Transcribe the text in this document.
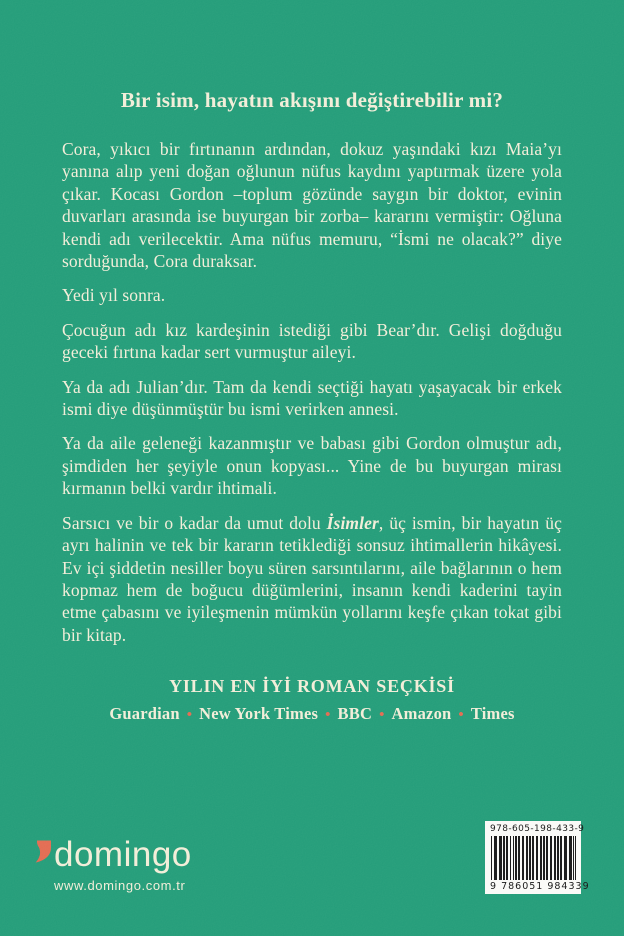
Bir isim, hayatın akışını değiştirebilir mi?

Cora, yıkıcı bir fırtınanın ardından, dokuz yaşındaki kızı Maia’yı yanına alıp yeni doğan oğlunun nüfus kaydını yaptırmak üzere yola çıkar. Kocası Gordon –toplum gözünde saygın bir doktor, evinin duvarları arasında ise buyurgan bir zorba– kararını vermiştir: Oğluna kendi adı verilecektir. Ama nüfus memuru, “İsmi ne olacak?” diye sorduğunda, Cora duraksar.

Yedi yıl sonra.

Çocuğun adı kız kardeşinin istediği gibi Bear’dır. Gelişi doğduğu geceki fırtına kadar sert vurmuştur aileyi.

Ya da adı Julian’dır. Tam da kendi seçtiği hayatı yaşayacak bir erkek ismi diye düşünmüştür bu ismi verirken annesi.

Ya da aile geleneği kazanmıştır ve babası gibi Gordon olmuştur adı, şimdiden her şeyiyle onun kopyası... Yine de bu buyurgan mirası kırmanın belki vardır ihtimali.

Sarsıcı ve bir o kadar da umut dolu İsimler, üç ismin, bir hayatın üç ayrı halinin ve tek bir kararın tetiklediği sonsuz ihtimallerin hikâyesi. Ev içi şiddetin nesiller boyu süren sarsıntılarını, aile bağlarının o hem kopmaz hem de boğucu düğümlerini, insanın kendi kaderini tayin etme çabasını ve iyileşmenin mümkün yollarını keşfe çıkan tokat gibi bir kitap.

YILIN EN İYİ ROMAN SEÇKİSİ
Guardian • New York Times • BBC • Amazon • Times
domingo
www.domingo.com.tr
978-605-198-433-9
9 786051 984339
